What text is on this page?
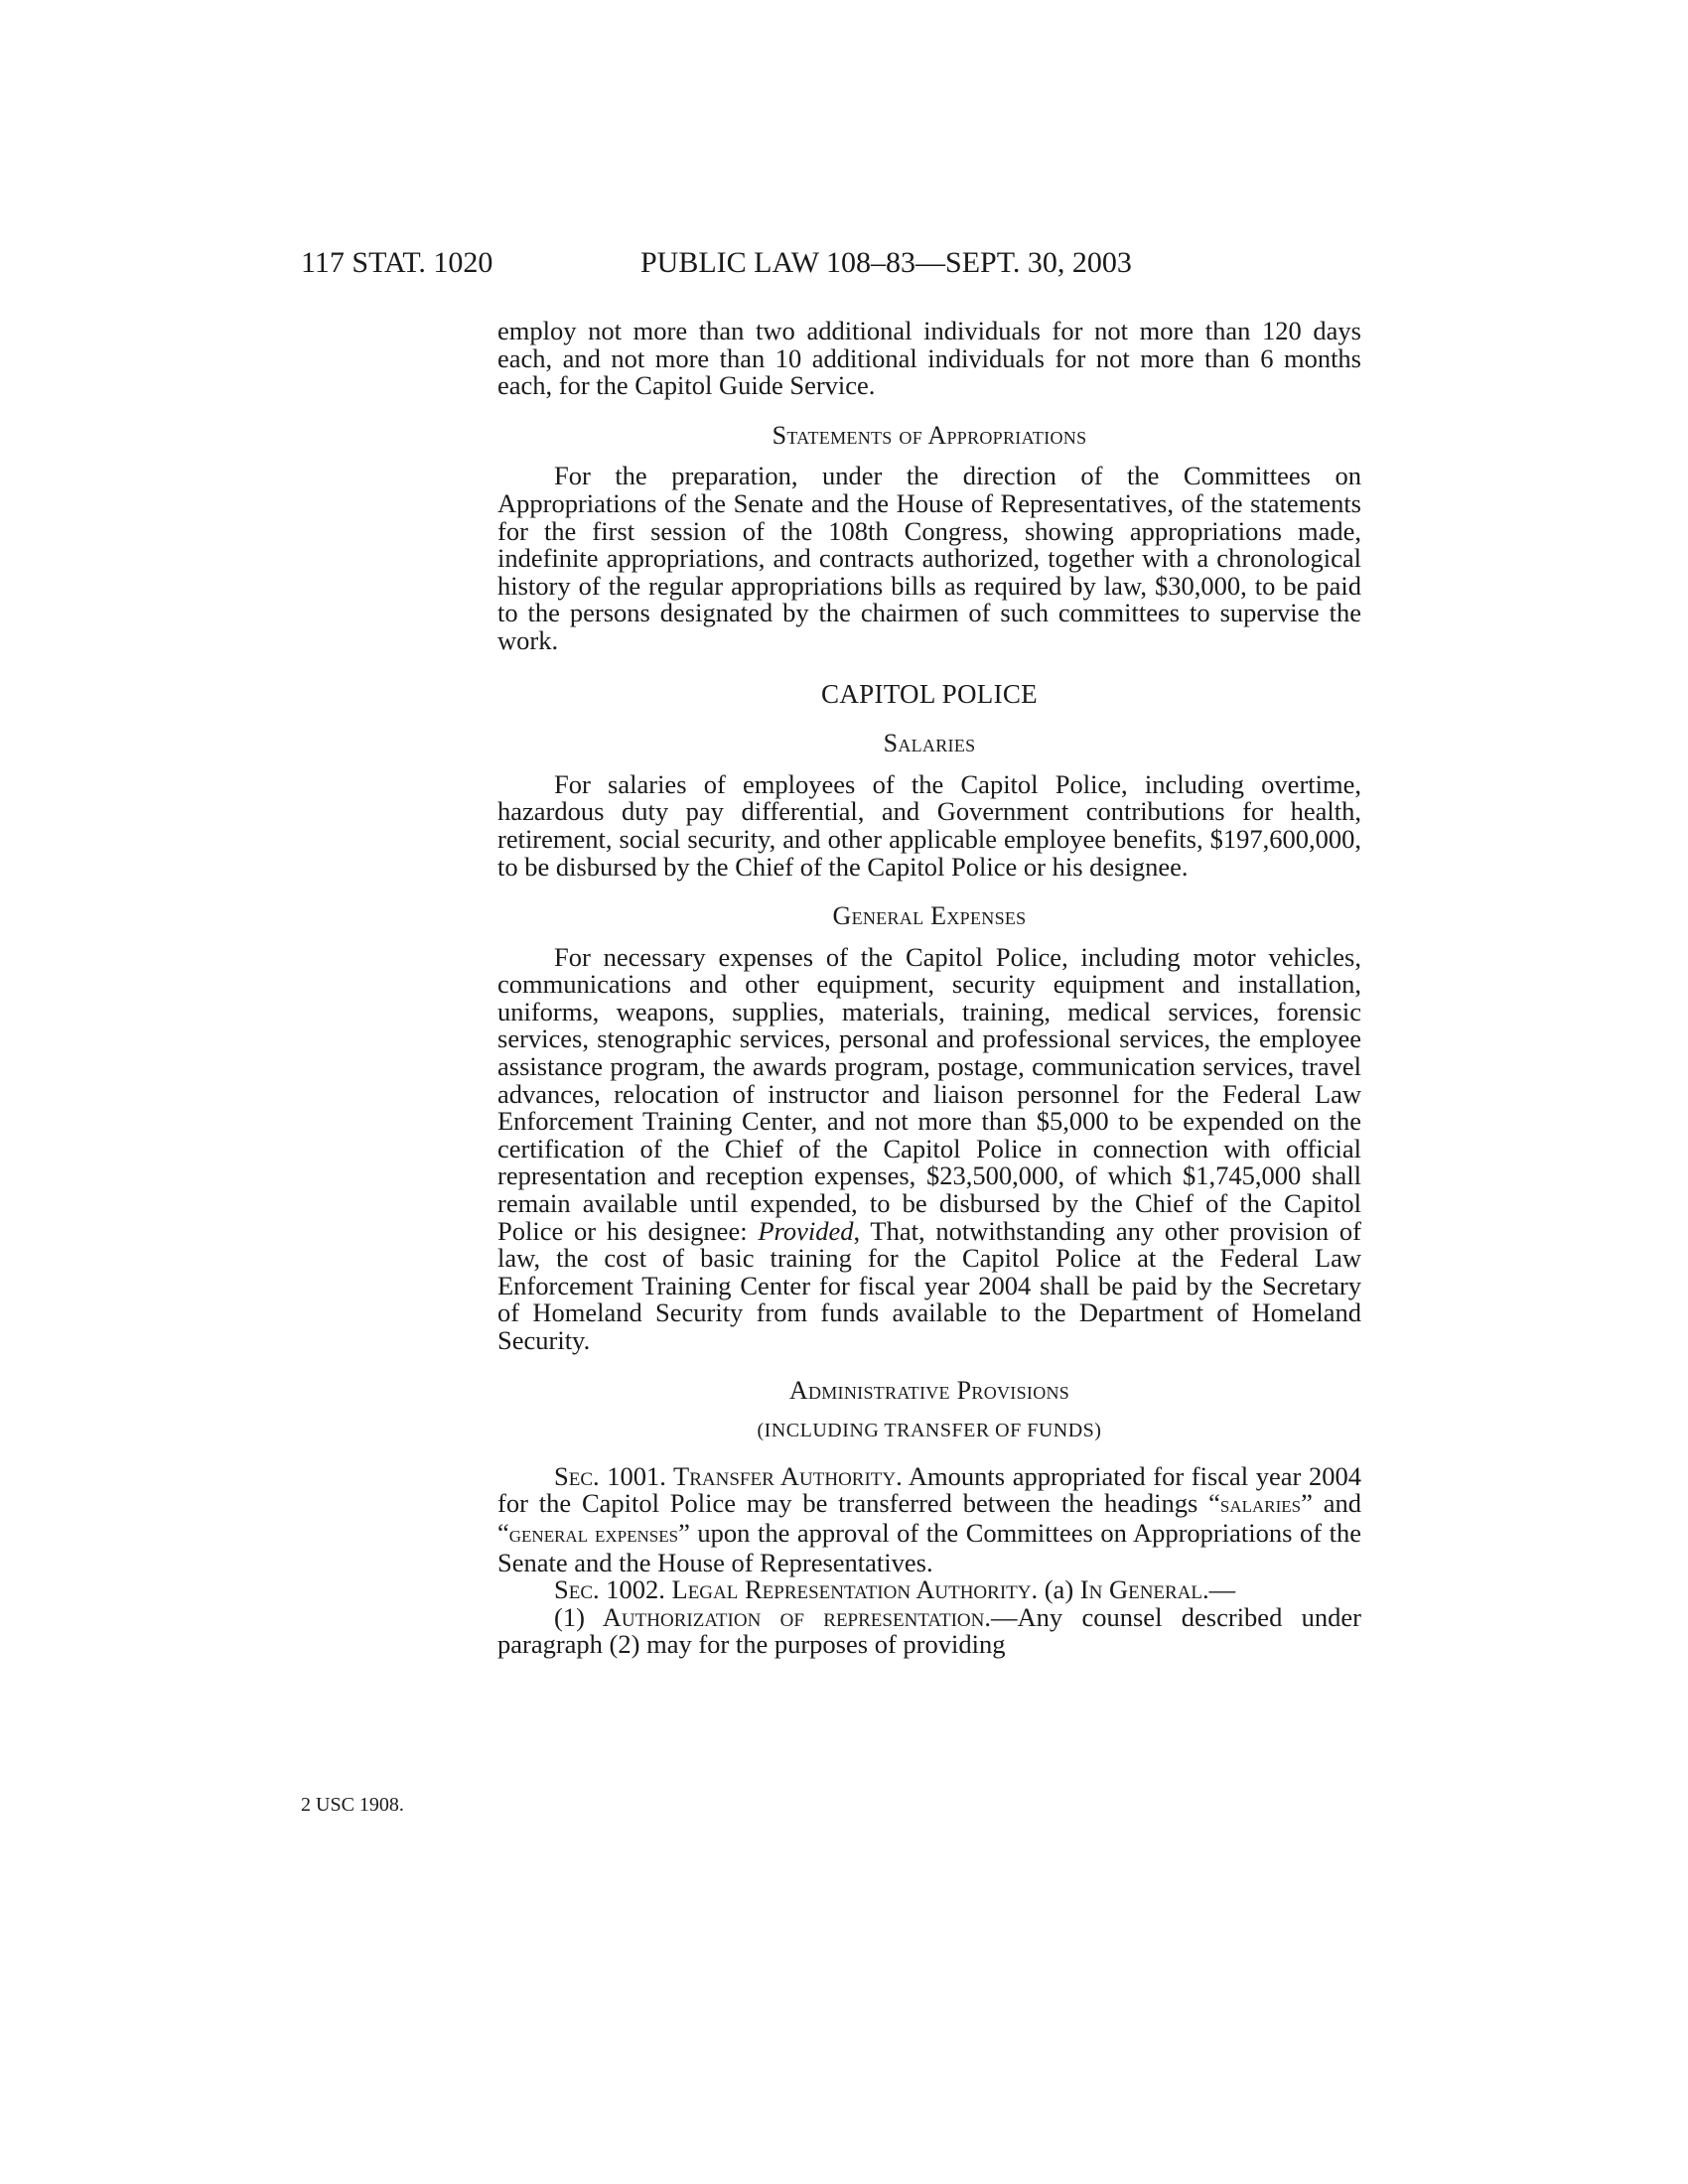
117 STAT. 1020	PUBLIC LAW 108–83—SEPT. 30, 2003
2 USC 1908.

employ not more than two additional individuals for not more than 120 days each, and not more than 10 additional individuals for not more than 6 months each, for the Capitol Guide Service.

Statements of Appropriations

For the preparation, under the direction of the Committees on Appropriations of the Senate and the House of Representatives, of the statements for the first session of the 108th Congress, showing appropriations made, indefinite appropriations, and contracts authorized, together with a chronological history of the regular appropriations bills as required by law, $30,000, to be paid to the persons designated by the chairmen of such committees to supervise the work.

CAPITOL POLICE
Salaries

For salaries of employees of the Capitol Police, including overtime, hazardous duty pay differential, and Government contributions for health, retirement, social security, and other applicable employee benefits, $197,600,000, to be disbursed by the Chief of the Capitol Police or his designee.

General Expenses

For necessary expenses of the Capitol Police, including motor vehicles, communications and other equipment, security equipment and installation, uniforms, weapons, supplies, materials, training, medical services, forensic services, stenographic services, personal and professional services, the employee assistance program, the awards program, postage, communication services, travel advances, relocation of instructor and liaison personnel for the Federal Law Enforcement Training Center, and not more than $5,000 to be expended on the certification of the Chief of the Capitol Police in connection with official representation and reception expenses, $23,500,000, of which $1,745,000 shall remain available until expended, to be disbursed by the Chief of the Capitol Police or his designee: Provided, That, notwithstanding any other provision of law, the cost of basic training for the Capitol Police at the Federal Law Enforcement Training Center for fiscal year 2004 shall be paid by the Secretary of Homeland Security from funds available to the Department of Homeland Security.

Administrative Provisions
(INCLUDING TRANSFER OF FUNDS)

Sec. 1001. Transfer Authority. Amounts appropriated for fiscal year 2004 for the Capitol Police may be transferred between the headings “salaries” and “general expenses” upon the approval of the Committees on Appropriations of the Senate and the House of Representatives.

Sec. 1002. Legal Representation Authority. (a) In General.—

(1) Authorization of representation.—Any counsel described under paragraph (2) may for the purposes of providing
